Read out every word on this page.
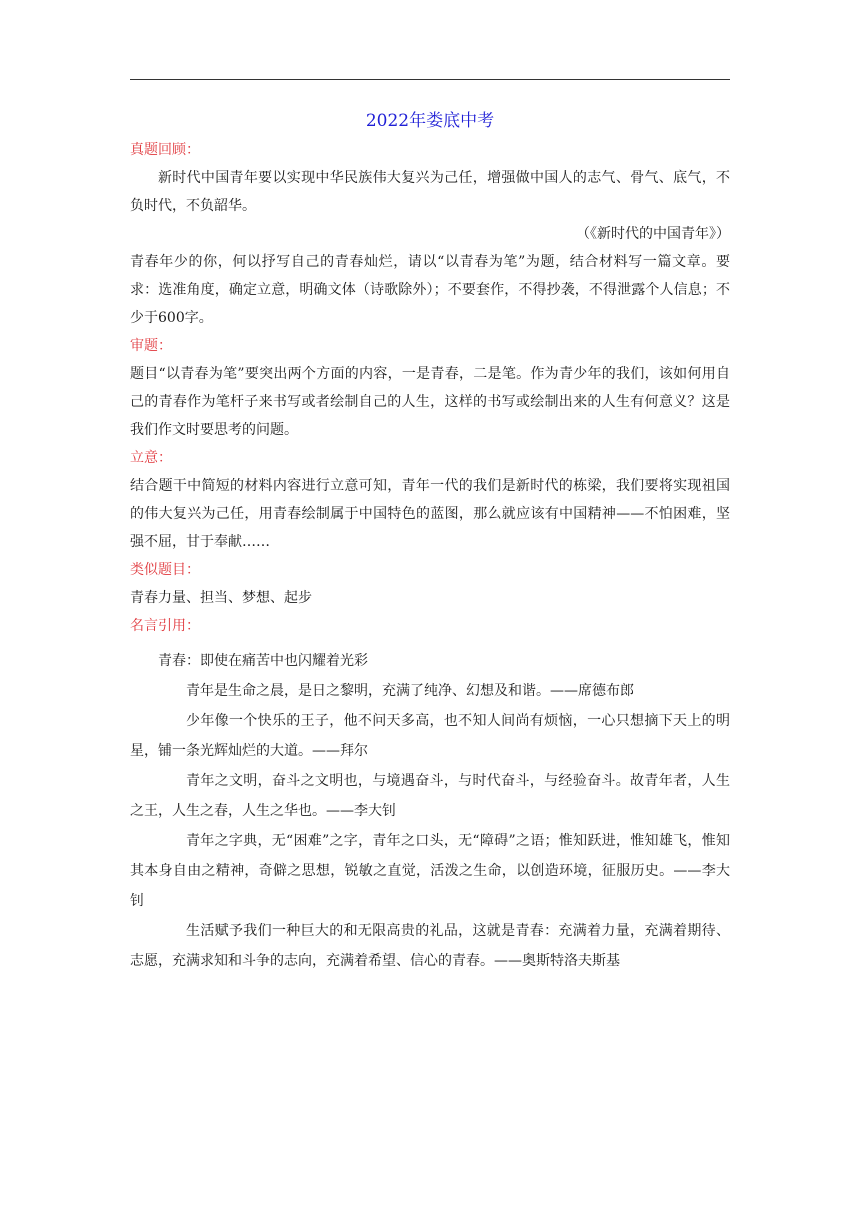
2022年娄底中考
真题回顾：

新时代中国青年要以实现中华民族伟大复兴为己任，增强做中国人的志气、骨气、底气，不负时代，不负韶华。

（《新时代的中国青年》）

青春年少的你，何以抒写自己的青春灿烂，请以“以青春为笔”为题，结合材料写一篇文章。要求：选准角度，确定立意，明确文体（诗歌除外）；不要套作，不得抄袭，不得泄露个人信息；不少于600字。

审题：

题目“以青春为笔”要突出两个方面的内容，一是青春，二是笔。作为青少年的我们，该如何用自己的青春作为笔杆子来书写或者绘制自己的人生，这样的书写或绘制出来的人生有何意义？这是我们作文时要思考的问题。

立意：

结合题干中简短的材料内容进行立意可知，青年一代的我们是新时代的栋梁，我们要将实现祖国的伟大复兴为己任，用青春绘制属于中国特色的蓝图，那么就应该有中国精神——不怕困难，坚强不屈，甘于奉献……

类似题目：

青春力量、担当、梦想、起步

名言引用：

青春：即使在痛苦中也闪耀着光彩

青年是生命之晨，是日之黎明，充满了纯净、幻想及和谐。——席德布郎

少年像一个快乐的王子，他不问天多高，也不知人间尚有烦恼，一心只想摘下天上的明星，铺一条光辉灿烂的大道。——拜尔

青年之文明，奋斗之文明也，与境遇奋斗，与时代奋斗，与经验奋斗。故青年者，人生之王，人生之春，人生之华也。——李大钊

青年之字典，无“困难”之字，青年之口头，无“障碍”之语；惟知跃进，惟知雄飞，惟知其本身自由之精神，奇僻之思想，锐敏之直觉，活泼之生命，以创造环境，征服历史。——李大钊

生活赋予我们一种巨大的和无限高贵的礼品，这就是青春：充满着力量，充满着期待、志愿，充满求知和斗争的志向，充满着希望、信心的青春。——奥斯特洛夫斯基
